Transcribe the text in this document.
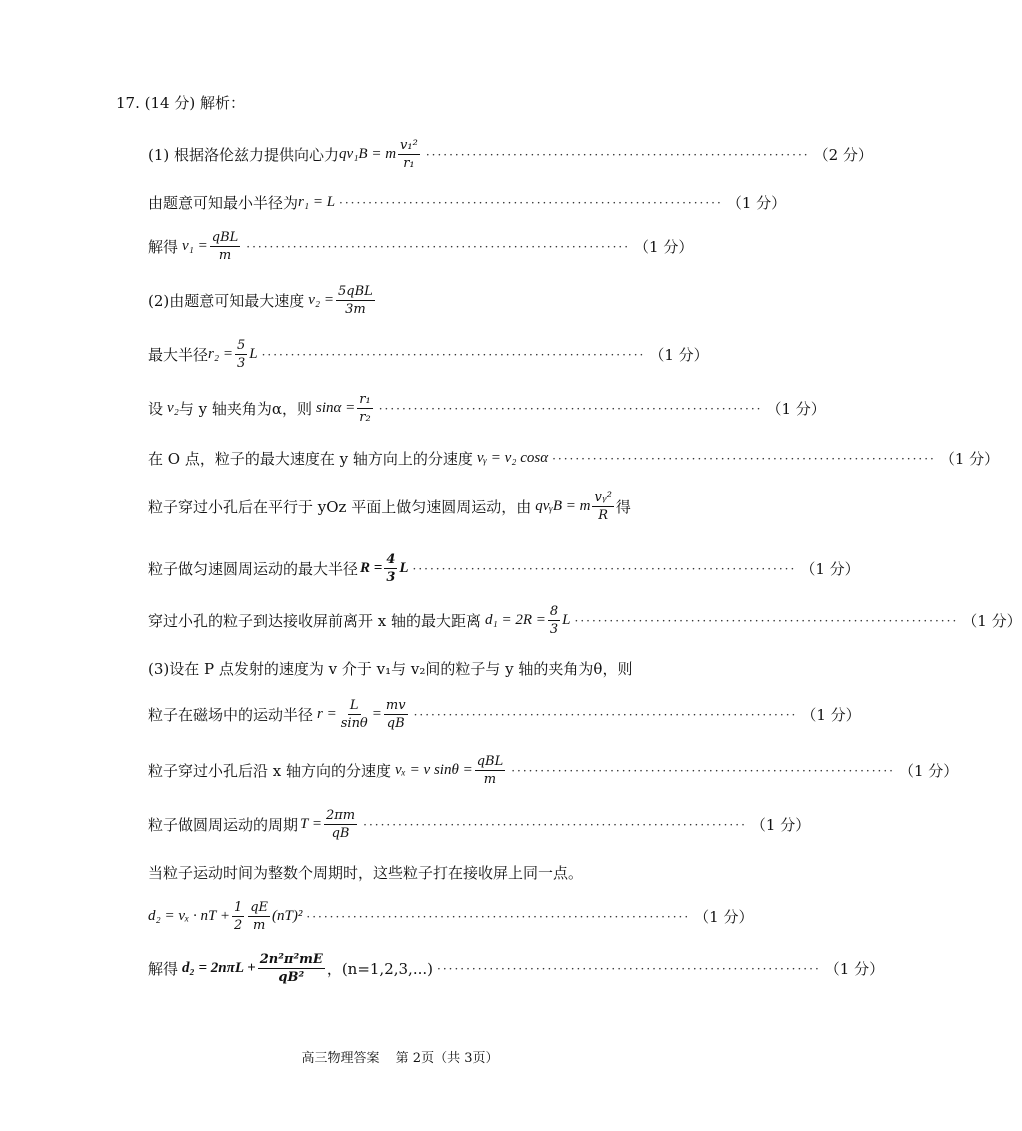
17. (14 分) 解析：
(1) 根据洛伦兹力提供向心力 qv₁B = m $\frac{\text{v₁²}}{\text{r₁}}$ ·································································· （2 分）
由题意可知最小半径为 r₁ = L ·································································· （1 分）
解得 $v_1 = \frac{\text{qBL}}{m}$ ·································································· （1 分）
(2)由题意可知最大速度 $v_2 = \frac{\text{5qBL}}{3m}$
最大半径 $r_2 = \frac{5}{3}$ L ·································································· （1 分）
设 v₂ 与 y 轴夹角为α，则 $\sin\alpha = \frac{\text{r₁}}{\text{r₂}}$ ·································································· （1 分）
在 O 点，粒子的最大速度在 y 轴方向上的分速度 vᵧ = v₂ cosα ·································································· （1 分）
粒子穿过小孔后在平行于 yOz 平面上做匀速圆周运动，由 qvᵧB = m $\frac{\text{vᵧ²}}{R}$ 得
粒子做匀速圆周运动的最大半径 $R = \frac{4}{3}$ L ·································································· （1 分）
穿过小孔的粒子到达接收屏前离开 x 轴的最大距离 $d_1 = 2R = \frac{8}{3}$ L ·································································· （1 分）
(3)设在 P 点发射的速度为 v 介于 v₁与 v₂间的粒子与 y 轴的夹角为θ，则
粒子在磁场中的运动半径 $r = \frac{L}{\sin\theta} = \frac{mv}{qB}$ ·································································· （1 分）
粒子穿过小孔后沿 x 轴方向的分速度 vₓ = v $\sin\theta = \frac{\text{qBL}}{m}$ ·································································· （1 分）
粒子做圆周运动的周期 $T = \frac{2\pi m}{qB}$ ·································································· （1 分）
当粒子运动时间为整数个周期时，这些粒子打在接收屏上同一点。
d₂ = vₓ · nT + $\frac{1}{2} \frac{qE}{m} (nT)^2$ ·································································· （1 分）
解得 $d_2 = 2n\pi L + \frac{\text{2n²π²mE}}{\text{qB²}}$ ，(n=1,2,3,...) ·································································· （1 分）
高三物理答案 第 2页（共 3页）
